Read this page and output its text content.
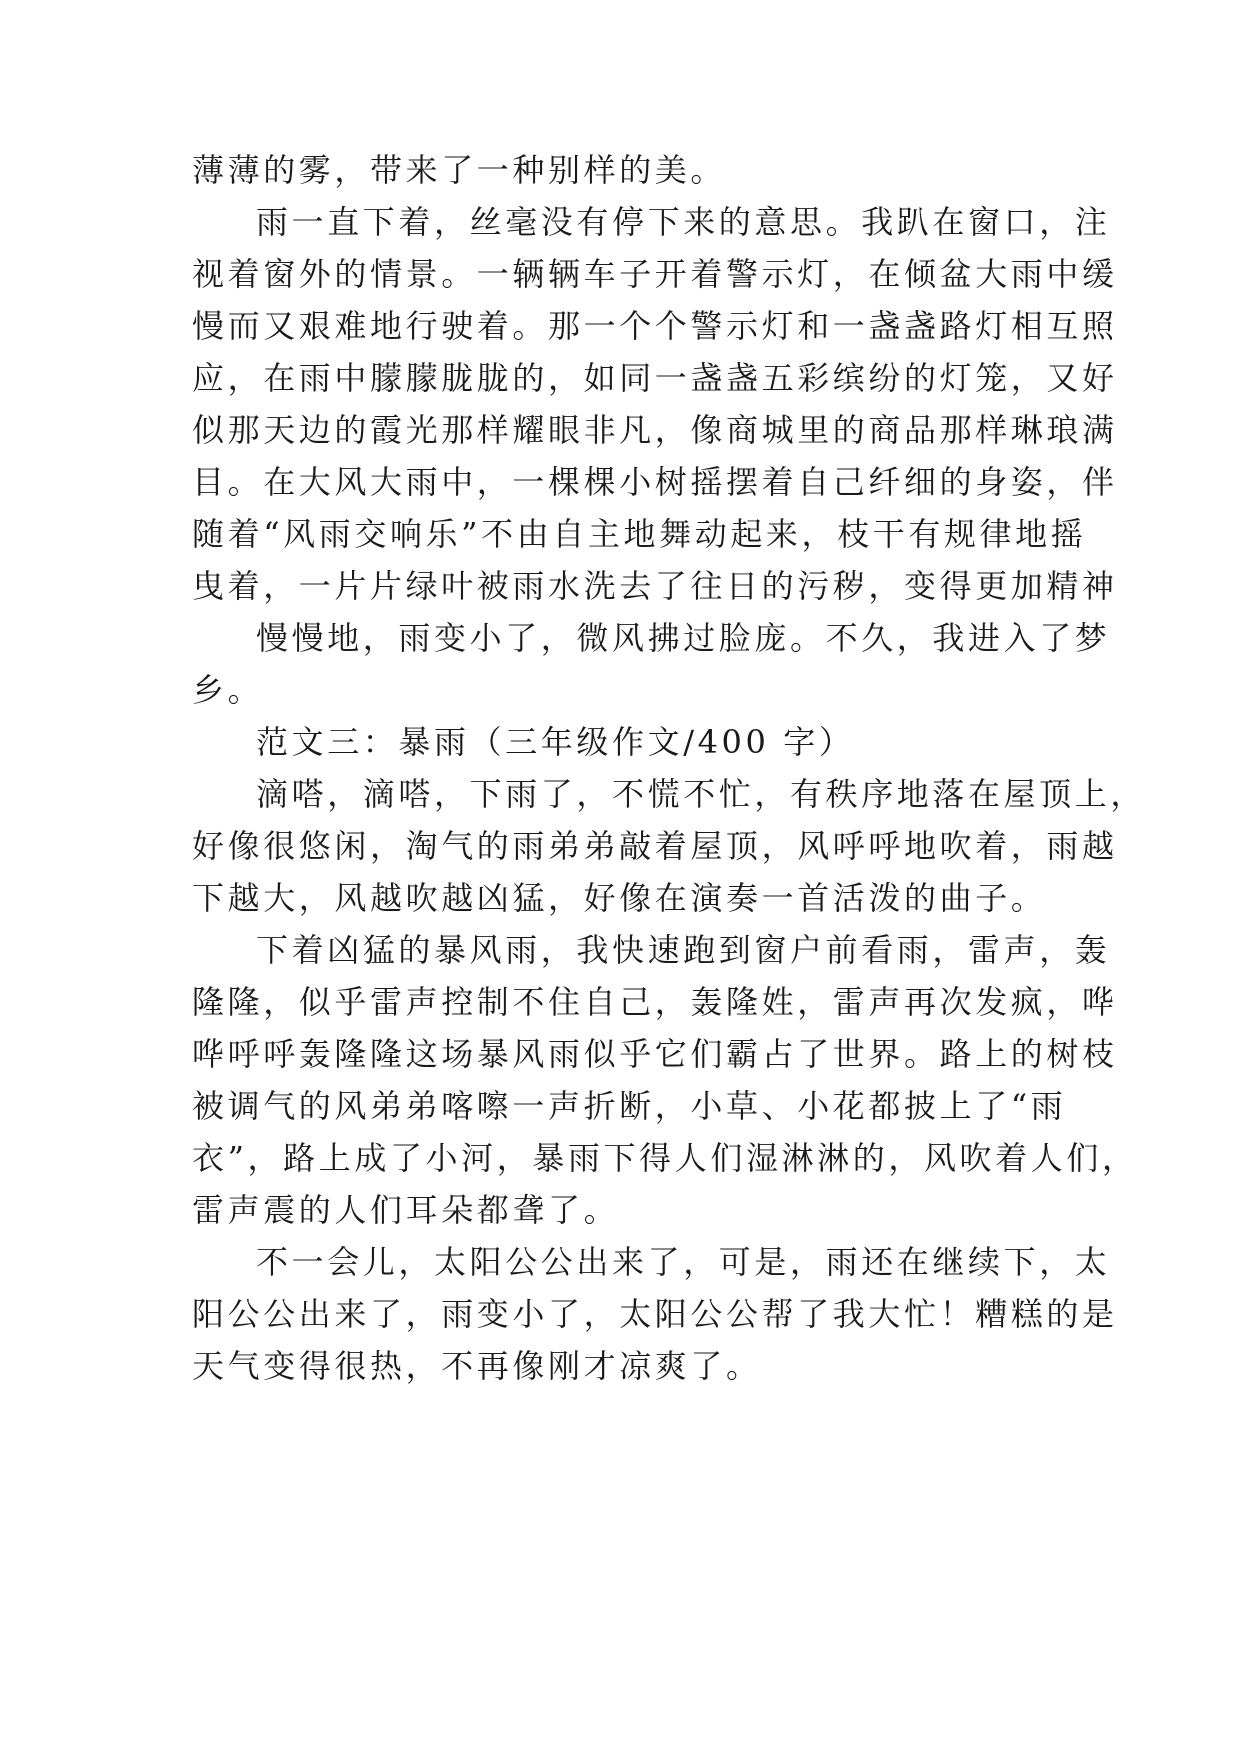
薄薄的雾，带来了一种别样的美。

雨一直下着，丝毫没有停下来的意思。我趴在窗口，注

视着窗外的情景。一辆辆车子开着警示灯，在倾盆大雨中缓

慢而又艰难地行驶着。那一个个警示灯和一盏盏路灯相互照

应，在雨中朦朦胧胧的，如同一盏盏五彩缤纷的灯笼，又好

似那天边的霞光那样耀眼非凡，像商城里的商品那样琳琅满

目。在大风大雨中，一棵棵小树摇摆着自己纤细的身姿，伴

随着“风雨交响乐”不由自主地舞动起来，枝干有规律地摇

曳着，一片片绿叶被雨水洗去了往日的污秽，变得更加精神

慢慢地，雨变小了，微风拂过脸庞。不久，我进入了梦

乡。

范文三：暴雨（三年级作文/400 字）

滴嗒，滴嗒，下雨了，不慌不忙，有秩序地落在屋顶上，

好像很悠闲，淘气的雨弟弟敲着屋顶，风呼呼地吹着，雨越

下越大，风越吹越凶猛，好像在演奏一首活泼的曲子。

下着凶猛的暴风雨，我快速跑到窗户前看雨，雷声，轰

隆隆，似乎雷声控制不住自己，轰隆姓，雷声再次发疯，哗

哗呼呼轰隆隆这场暴风雨似乎它们霸占了世界。路上的树枝

被调气的风弟弟喀嚓一声折断，小草、小花都披上了“雨

衣”，路上成了小河，暴雨下得人们湿淋淋的，风吹着人们，

雷声震的人们耳朵都聋了。

不一会儿，太阳公公出来了，可是，雨还在继续下，太

阳公公出来了，雨变小了，太阳公公帮了我大忙！糟糕的是

天气变得很热，不再像刚才凉爽了。
